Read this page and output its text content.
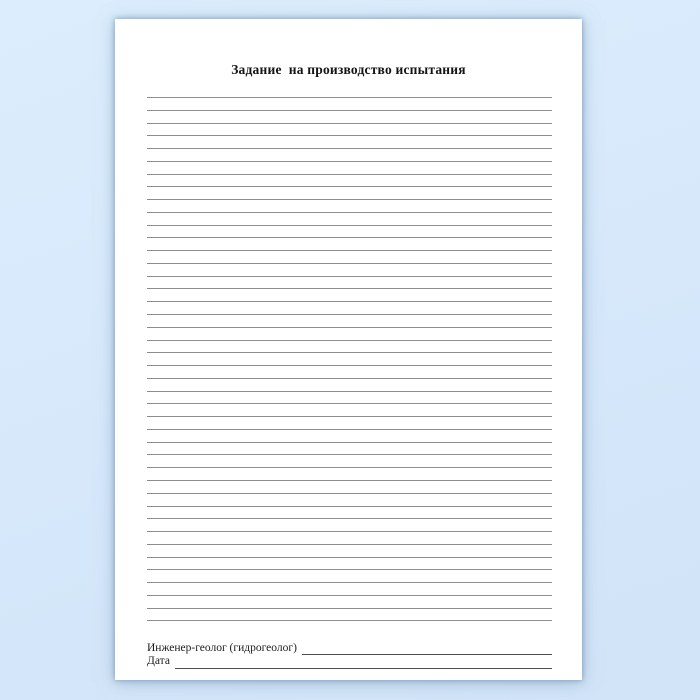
Задание  на производство испытания
Инженер-геолог (гидрогеолог)
Дата
